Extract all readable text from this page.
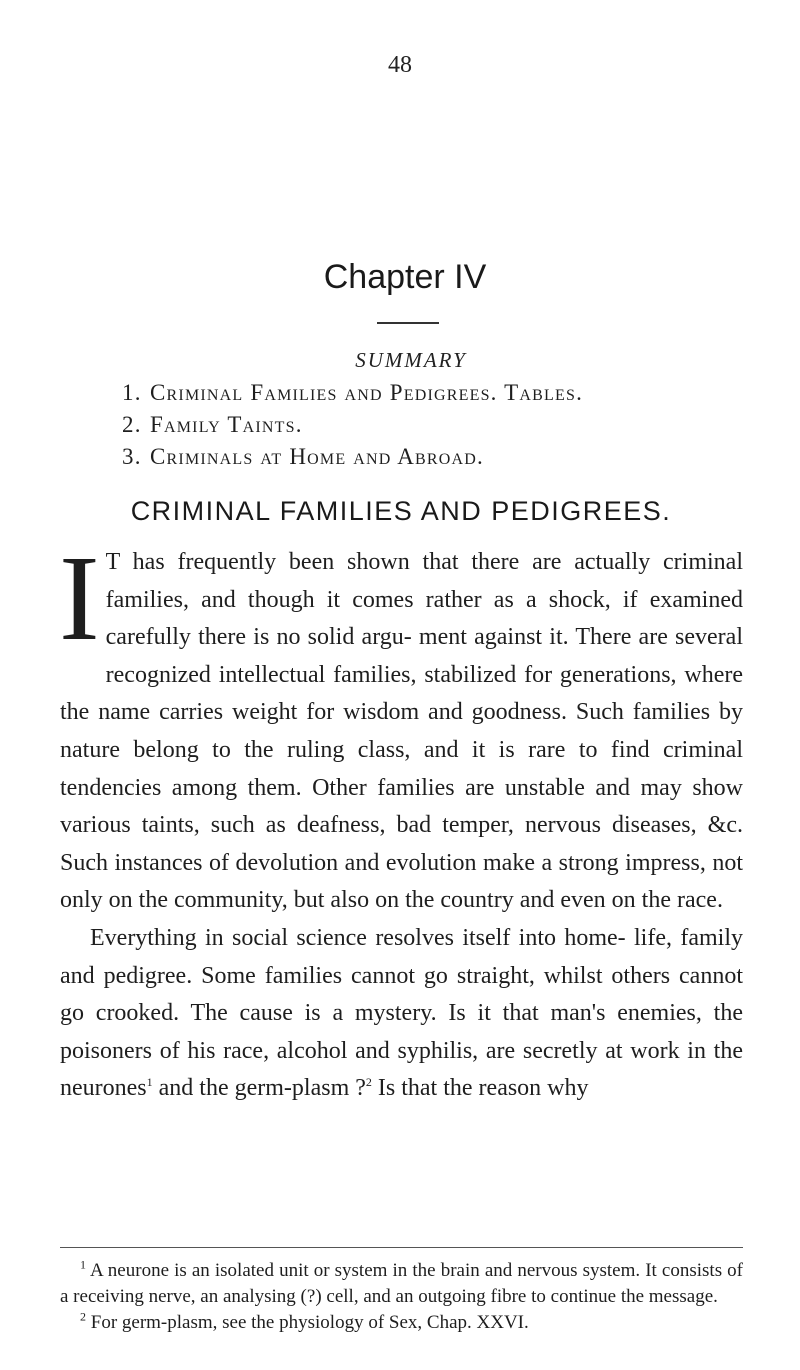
48
Chapter IV
SUMMARY
1. Criminal Families and Pedigrees. Tables.
2. Family Taints.
3. Criminals at Home and Abroad.
CRIMINAL FAMILIES AND PEDIGREES.

I T has frequently been shown that there are actually criminal families, and though it comes rather as a shock, if examined carefully there is no solid argu- ment against it. There are several recognized intellectual families, stabilized for generations, where the name carries weight for wisdom and goodness. Such families by nature belong to the ruling class, and it is rare to find criminal tendencies among them. Other families are unstable and may show various taints, such as deafness, bad temper, nervous diseases, &c. Such instances of devolution and evolution make a strong impress, not only on the community, but also on the country and even on the race.

Everything in social science resolves itself into home- life, family and pedigree. Some families cannot go straight, whilst others cannot go crooked. The cause is a mystery. Is it that man's enemies, the poisoners of his race, alcohol and syphilis, are secretly at work in the neurones$^1$ and the germ-plasm ?$^2$ Is that the reason why

$^1$ A neurone is an isolated unit or system in the brain and nervous system. It consists of a receiving nerve, an analysing (?) cell, and an outgoing fibre to continue the message.

$^2$ For germ-plasm, see the physiology of Sex, Chap. XXVI.
